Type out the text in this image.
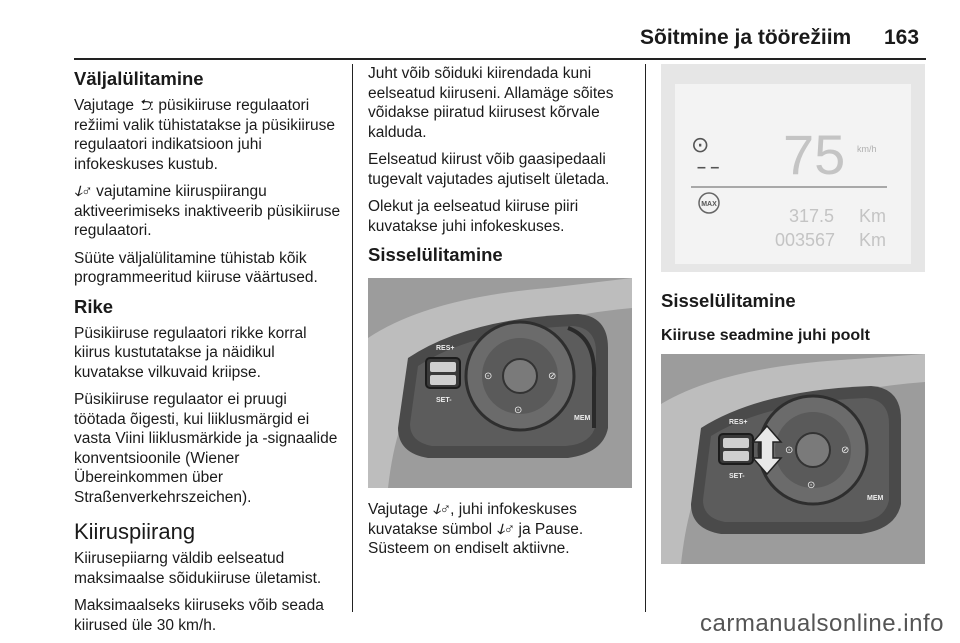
Sõitmine ja töörežiim 163
Väljalülitamine

Vajutage ⮌: püsikiiruse regulaatori režiimi valik tühistatakse ja püsikiiruse regulaatori indikatsioon juhi infokeskuses kustub.

ↆ♂ vajutamine kiiruspiirangu aktiveerimiseks inaktiveerib püsikiiruse regulaatori.

Süüte väljalülitamine tühistab kõik programmeeritud kiiruse väärtused.

Rike

Püsikiiruse regulaatori rikke korral kiirus kustutatakse ja näidikul kuvatakse vilkuvaid kriipse.

Püsikiiruse regulaator ei pruugi töötada õigesti, kui liiklusmärgid ei vasta Viini liiklusmärkide ja -signaalide konventsioonile (Wiener Übereinkommen über Straßenverkehrszeichen).

Kiiruspiirang

Kiirusepiiarng väldib eelseatud maksimaalse sõidukiiruse ületamist.

Maksimaalseks kiiruseks võib seada kiirused üle 30 km/h.

Juht võib sõiduki kiirendada kuni eelseatud kiiruseni. Allamäge sõites võidakse piiratud kiirusest kõrvale kalduda.

Eelseatud kiirust võib gaasipedaali tugevalt vajutades ajutiselt ületada.

Olekut ja eelseatud kiiruse piiri kuvatakse juhi infokeskuses.

Sisselülitamine
RES+
SET-
MEM
⊙	⊘
⊙

Vajutage ↆ♂, juhi infokeskuses kuvatakse sümbol ↆ♂ ja Pause. Süsteem on endiselt aktiivne.

⊙
– – 75 km/h
MAX
317.5 Km
003567 Km
Sisselülitamine
Kiiruse seadmine juhi poolt
RES+
SET-
MEM
⊙	⊘
⊙
carmanualsonline.info
